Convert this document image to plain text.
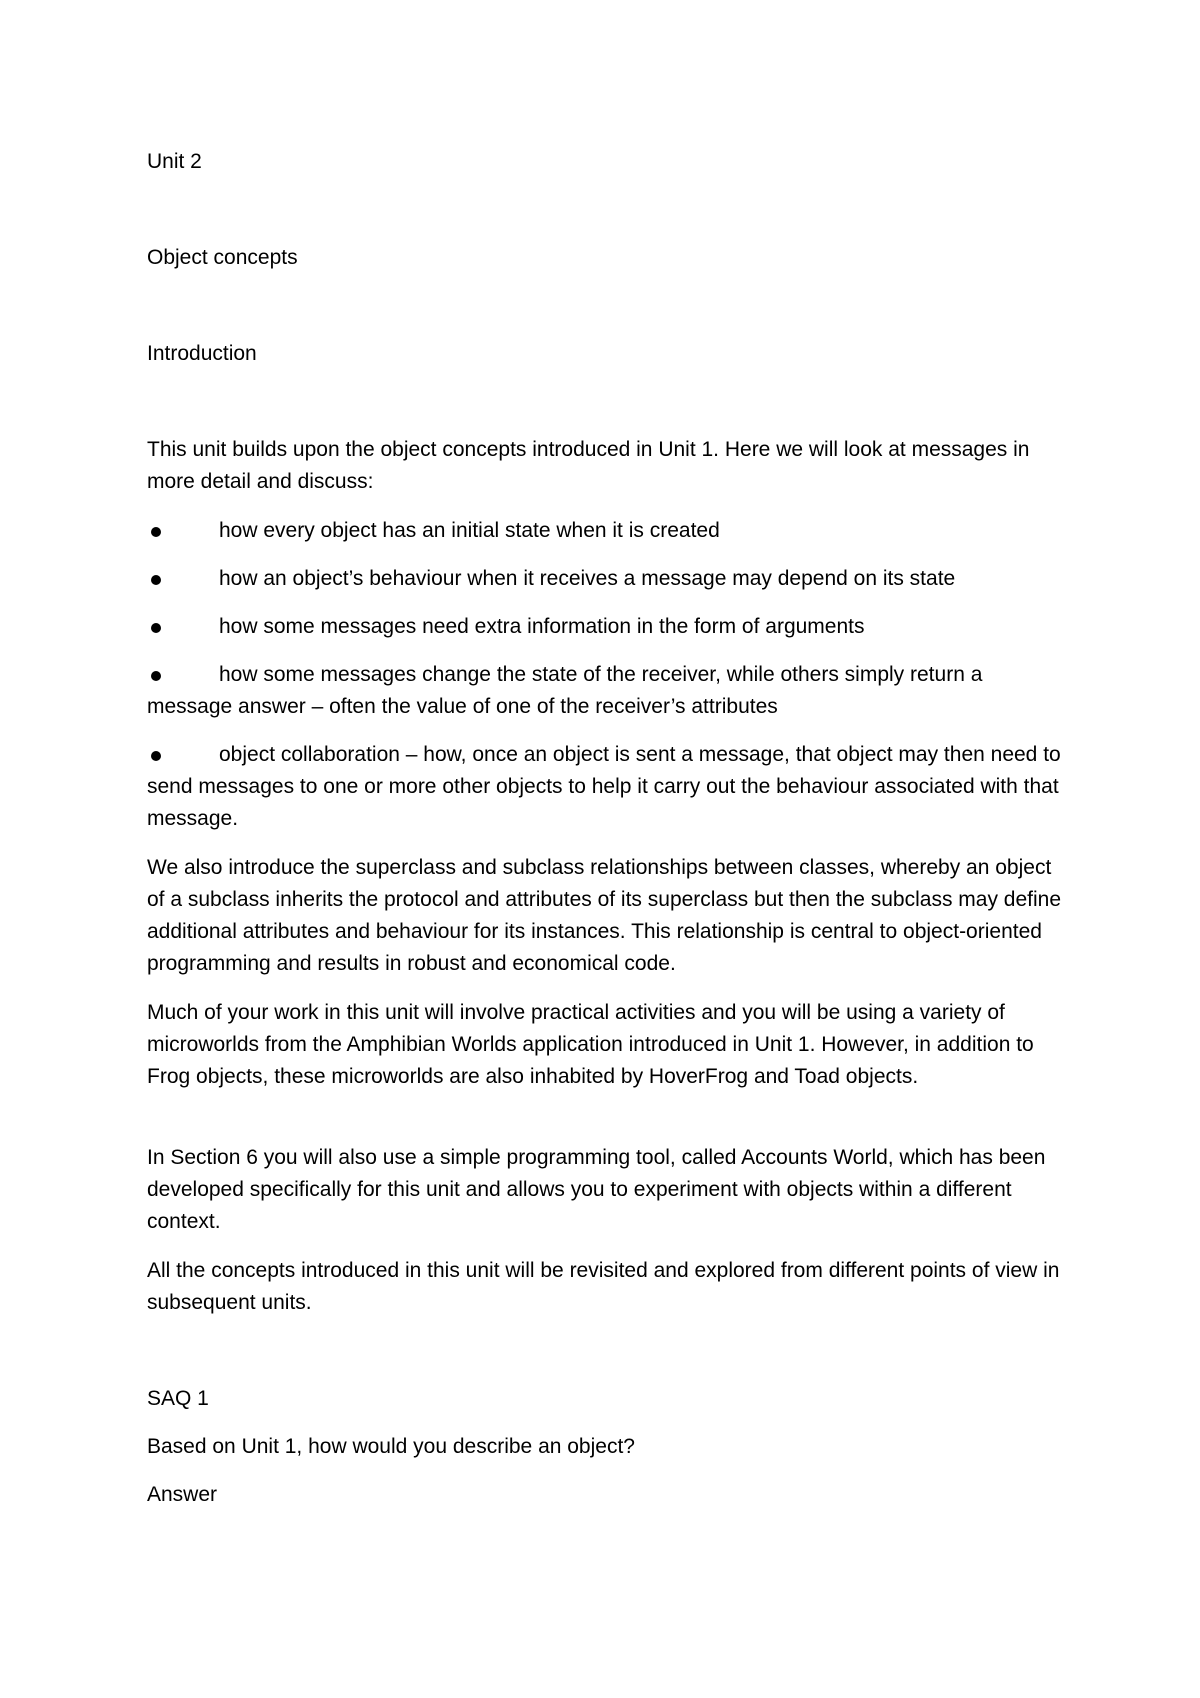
Unit 2

Object concepts

Introduction

This unit builds upon the object concepts introduced in Unit 1. Here we will look at messages in more detail and discuss:

how every object has an initial state when it is created
how an object’s behaviour when it receives a message may depend on its state
how some messages need extra information in the form of arguments
how some messages change the state of the receiver, while others simply return a message answer – often the value of one of the receiver’s attributes
object collaboration – how, once an object is sent a message, that object may then need to send messages to one or more other objects to help it carry out the behaviour associated with that message.

We also introduce the superclass and subclass relationships between classes, whereby an object of a subclass inherits the protocol and attributes of its superclass but then the subclass may define additional attributes and behaviour for its instances. This relationship is central to object-oriented programming and results in robust and economical code.

Much of your work in this unit will involve practical activities and you will be using a variety of microworlds from the Amphibian Worlds application introduced in Unit 1. However, in addition to Frog objects, these microworlds are also inhabited by HoverFrog and Toad objects.

In Section 6 you will also use a simple programming tool, called Accounts World, which has been developed specifically for this unit and allows you to experiment with objects within a different context.

All the concepts introduced in this unit will be revisited and explored from different points of view in subsequent units.

SAQ 1

Based on Unit 1, how would you describe an object?

Answer
